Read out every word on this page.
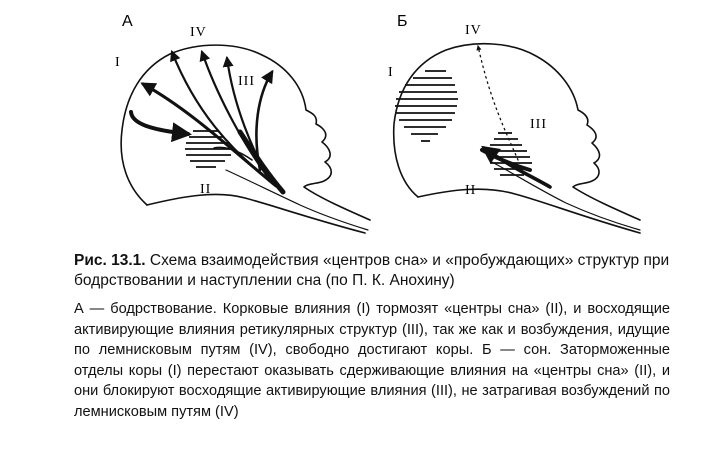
А
I
IV
III
II
Б
I
IV
III
II
Рис. 13.1. Схема взаимодействия «центров сна» и «пробуждающих» структур при бодрствовании и наступлении сна (по П. К. Анохину)
А — бодрствование. Корковые влияния (I) тормозят «центры сна» (II), и восходящие активирующие влияния ретикулярных структур (III), так же как и возбуждения, идущие по лемнисковым путям (IV), свободно достигают коры. Б — сон. Заторможенные отделы коры (I) перестают оказывать сдерживающие влияния на «центры сна» (II), и они блокируют восходящие активирующие влияния (III), не затрагивая возбуждений по лемнисковым путям (IV)
